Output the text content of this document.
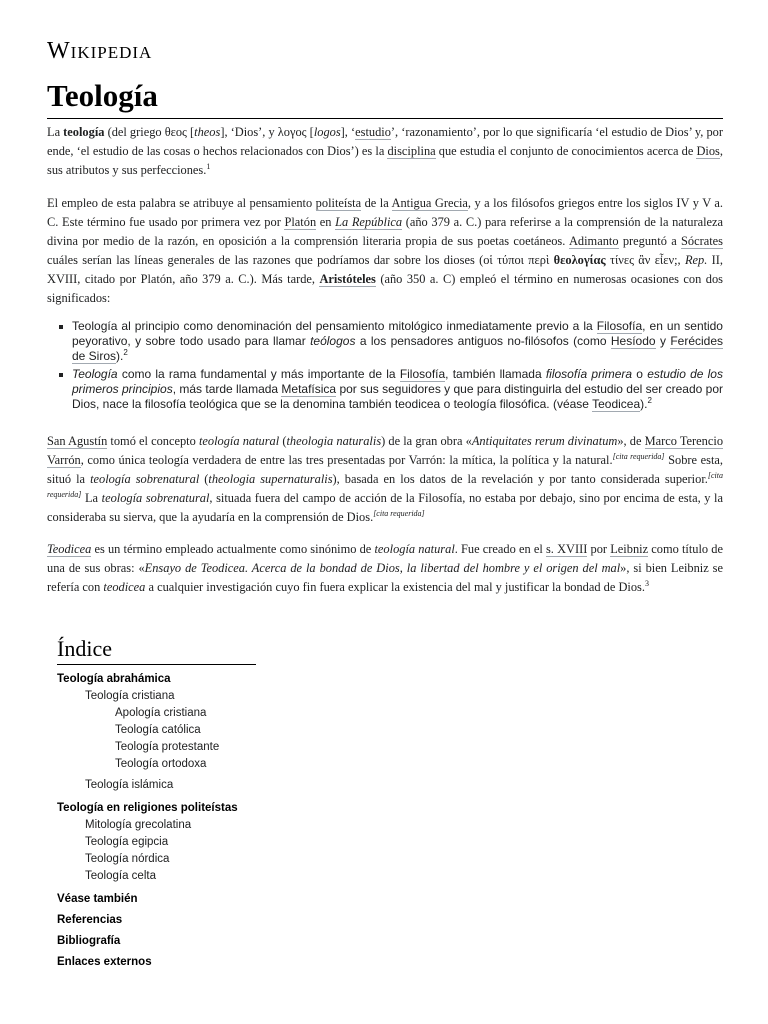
Wikipedia
Teología

La teología (del griego θεος [theos], ‘Dios’, y λογος [logos], ‘estudio’, ‘razonamiento’, por lo que significaría ‘el estudio de Dios’ y, por ende, ‘el estudio de las cosas o hechos relacionados con Dios’) es la disciplina que estudia el conjunto de conocimientos acerca de Dios, sus atributos y sus perfecciones.$^1$

El empleo de esta palabra se atribuye al pensamiento politeísta de la Antigua Grecia, y a los filósofos griegos entre los siglos IV y V a. C. Este término fue usado por primera vez por Platón en La República (año 379 a. C.) para referirse a la comprensión de la naturaleza divina por medio de la razón, en oposición a la comprensión literaria propia de sus poetas coetáneos. Adimanto preguntó a Sócrates cuáles serían las líneas generales de las razones que podríamos dar sobre los dioses (οἱ τύποι περὶ θεολογίας τίνες ἂν εἶεν;, Rep. II, XVIII, citado por Platón, año 379 a. C.). Más tarde, Aristóteles (año 350 a. C) empleó el término en numerosas ocasiones con dos significados:

Teología al principio como denominación del pensamiento mitológico inmediatamente previo a la Filosofía, en un sentido peyorativo, y sobre todo usado para llamar teólogos a los pensadores antiguos no-filósofos (como Hesíodo y Ferécides de Siros).$^2$
Teología como la rama fundamental y más importante de la Filosofía, también llamada filosofía primera o estudio de los primeros principios, más tarde llamada Metafísica por sus seguidores y que para distinguirla del estudio del ser creado por Dios, nace la filosofía teológica que se la denomina también teodicea o teología filosófica. (véase Teodicea).$^2$

San Agustín tomó el concepto teología natural (theologia naturalis) de la gran obra «Antiquitates rerum divinatum», de Marco Terencio Varrón, como única teología verdadera de entre las tres presentadas por Varrón: la mítica, la política y la natural.[cita requerida] Sobre esta, situó la teología sobrenatural (theologia supernaturalis), basada en los datos de la revelación y por tanto considerada superior.[cita requerida] La teología sobrenatural, situada fuera del campo de acción de la Filosofía, no estaba por debajo, sino por encima de esta, y la consideraba su sierva, que la ayudaría en la comprensión de Dios.[cita requerida]

Teodicea es un término empleado actualmente como sinónimo de teología natural. Fue creado en el s. XVIII por Leibniz como título de una de sus obras: «Ensayo de Teodicea. Acerca de la bondad de Dios, la libertad del hombre y el origen del mal», si bien Leibniz se refería con teodicea a cualquier investigación cuyo fin fuera explicar la existencia del mal y justificar la bondad de Dios.$^3$

Índice
Teología abrahámica
Teología cristiana
Apología cristiana
Teología católica
Teología protestante
Teología ortodoxa
Teología islámica
Teología en religiones politeístas
Mitología grecolatina
Teología egipcia
Teología nórdica
Teología celta
Véase también
Referencias
Bibliografía
Enlaces externos
